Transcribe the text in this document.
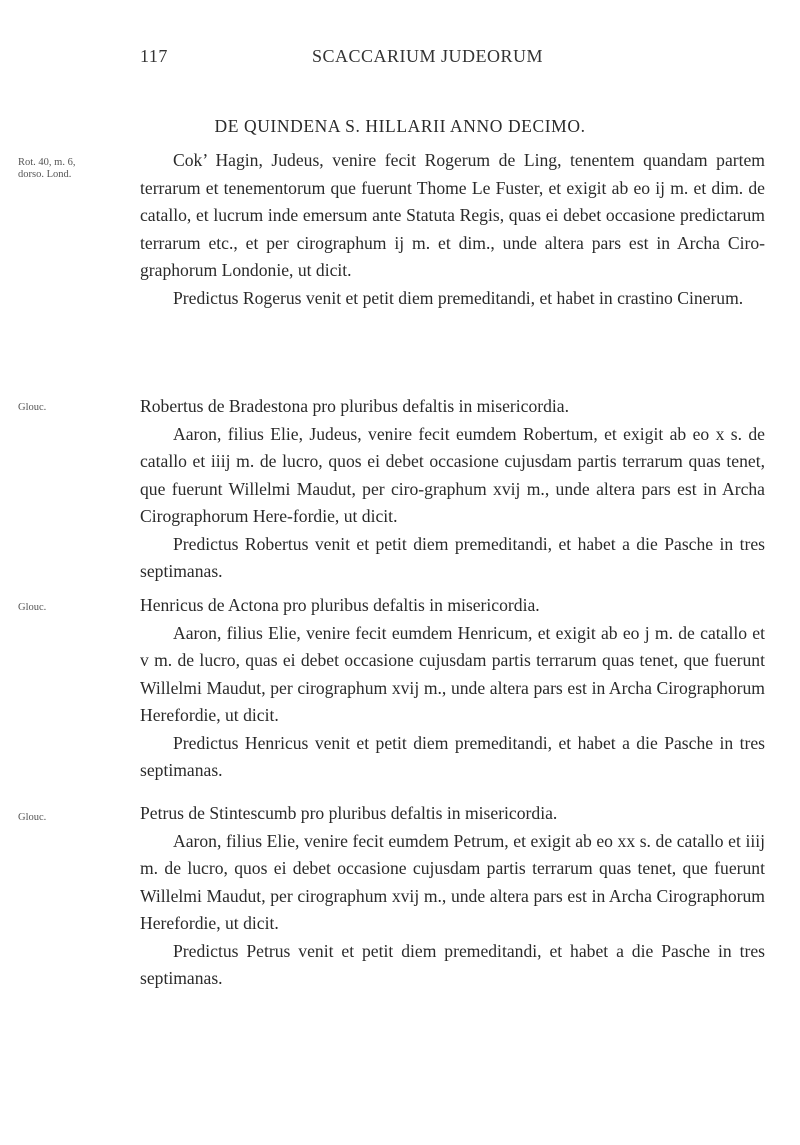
117	SCACCARIUM JUDEORUM
DE QUINDENA S. HILLARII ANNO DECIMO.
Rot. 40, m. 6,
dorso. Lond.

Cok’ Hagin, Judeus, venire fecit Rogerum de Ling, tenentem quandam partem terrarum et tenementorum que fuerunt Thome Le Fuster, et exigit ab eo ij m. et dim. de catallo, et lucrum inde emersum ante Statuta Regis, quas ei debet occasione predictarum terrarum etc., et per cirographum ij m. et dim., unde altera pars est in Archa Ciro-graphorum Londonie, ut dicit.

Predictus Rogerus venit et petit diem premeditandi, et habet in crastino Cinerum.

Glouc.	Robertus de Bradestona pro pluribus defaltis in misericordia.

Aaron, filius Elie, Judeus, venire fecit eumdem Robertum, et exigit ab eo x s. de catallo et iiij m. de lucro, quos ei debet occasione cujusdam partis terrarum quas tenet, que fuerunt Willelmi Maudut, per ciro-graphum xvij m., unde altera pars est in Archa Cirographorum Here-fordie, ut dicit.

Predictus Robertus venit et petit diem premeditandi, et habet a die Pasche in tres septimanas.

Glouc.	Henricus de Actona pro pluribus defaltis in misericordia.

Aaron, filius Elie, venire fecit eumdem Henricum, et exigit ab eo j m. de catallo et v m. de lucro, quas ei debet occasione cujusdam partis terrarum quas tenet, que fuerunt Willelmi Maudut, per cirographum xvij m., unde altera pars est in Archa Cirographorum Herefordie, ut dicit.

Predictus Henricus venit et petit diem premeditandi, et habet a die Pasche in tres septimanas.

Glouc.	Petrus de Stintescumb pro pluribus defaltis in misericordia.

Aaron, filius Elie, venire fecit eumdem Petrum, et exigit ab eo xx s. de catallo et iiij m. de lucro, quos ei debet occasione cujusdam partis terrarum quas tenet, que fuerunt Willelmi Maudut, per cirographum xvij m., unde altera pars est in Archa Cirographorum Herefordie, ut dicit.

Predictus Petrus venit et petit diem premeditandi, et habet a die Pasche in tres septimanas.
